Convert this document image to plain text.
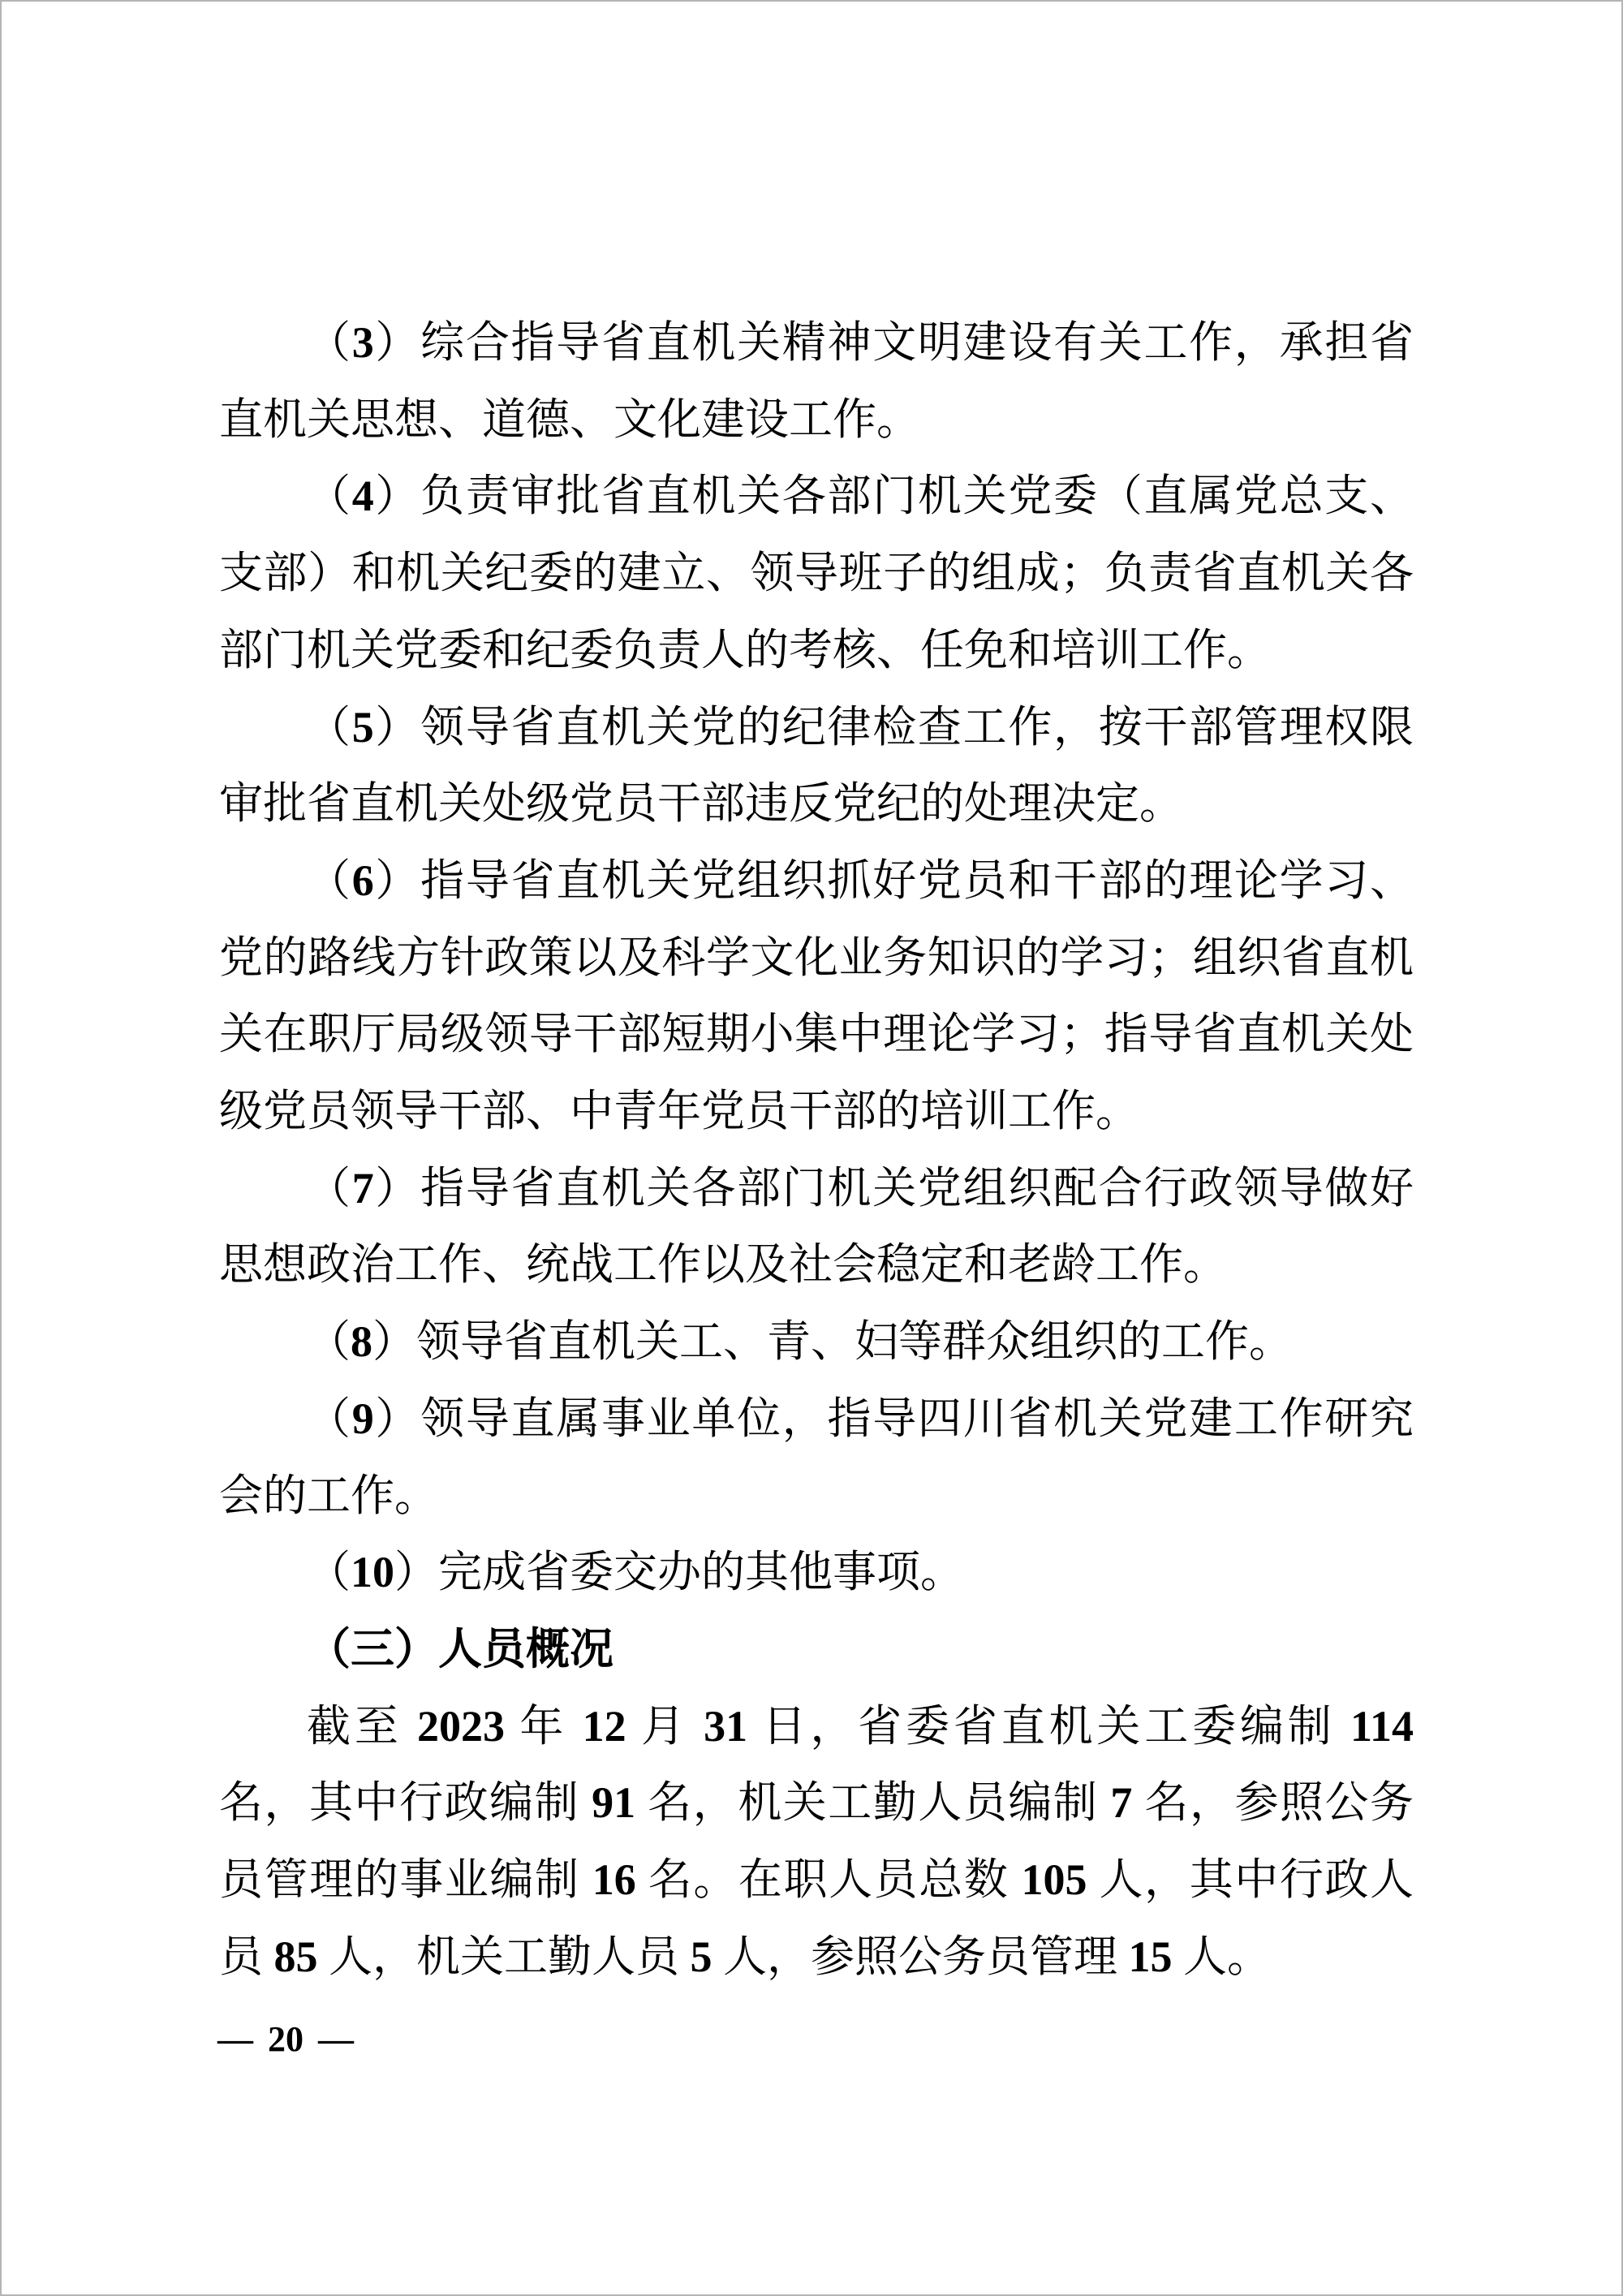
（3）综合指导省直机关精神文明建设有关工作，承担省直机关思想、道德、文化建设工作。

（4）负责审批省直机关各部门机关党委（直属党总支、支部）和机关纪委的建立、领导班子的组成；负责省直机关各部门机关党委和纪委负责人的考核、任免和培训工作。

（5）领导省直机关党的纪律检查工作，按干部管理权限审批省直机关处级党员干部违反党纪的处理决定。

（6）指导省直机关党组织抓好党员和干部的理论学习、党的路线方针政策以及科学文化业务知识的学习；组织省直机关在职厅局级领导干部短期小集中理论学习；指导省直机关处级党员领导干部、中青年党员干部的培训工作。

（7）指导省直机关各部门机关党组织配合行政领导做好思想政治工作、统战工作以及社会稳定和老龄工作。

（8）领导省直机关工、青、妇等群众组织的工作。

（9）领导直属事业单位，指导四川省机关党建工作研究会的工作。

（10）完成省委交办的其他事项。

（三）人员概况

截至 2023 年 12 月 31 日，省委省直机关工委编制 114 名，其中行政编制 91 名，机关工勤人员编制 7 名，参照公务员管理的事业编制 16 名。在职人员总数 105 人，其中行政人员 85 人，机关工勤人员 5 人，参照公务员管理 15 人。

— 20 —
